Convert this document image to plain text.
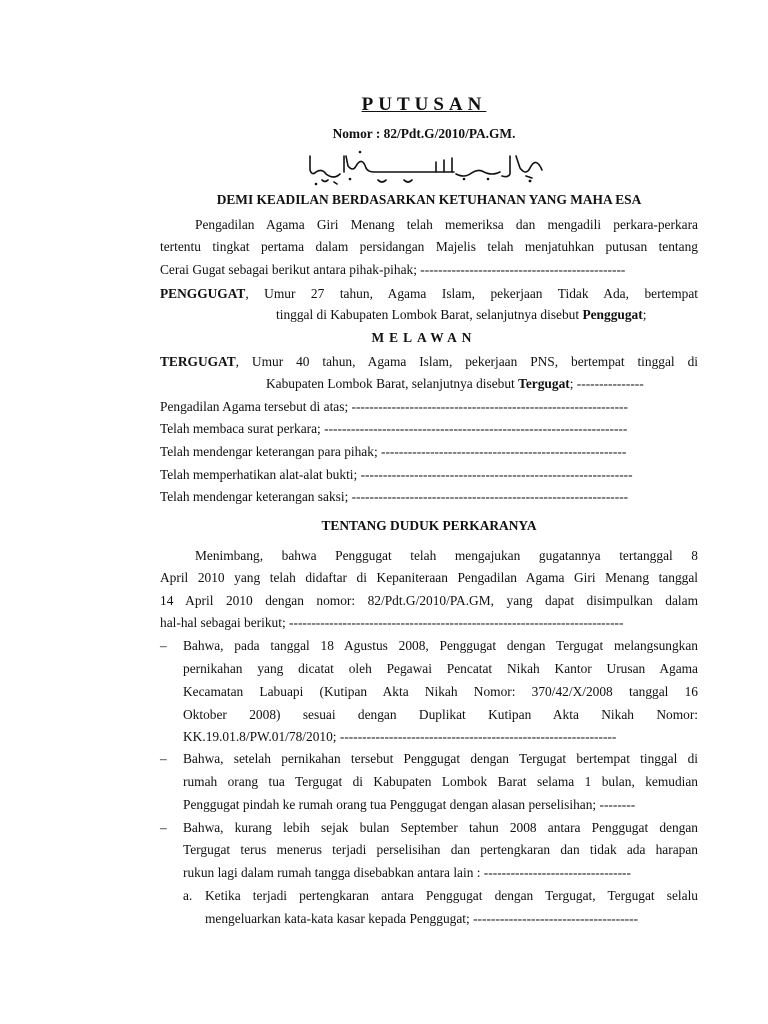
PUTUSAN
Nomor : 82/Pdt.G/2010/PA.GM.
DEMI KEADILAN BERDASARKAN KETUHANAN YANG MAHA ESA
Pengadilan Agama Giri Menang telah memeriksa dan mengadili perkara-perkara
tertentu tingkat pertama dalam persidangan Majelis telah menjatuhkan putusan tentang
Cerai Gugat sebagai berikut antara pihak-pihak; ----------------------------------------------
PENGGUGAT , Umur 27 tahun, Agama Islam, pekerjaan Tidak Ada, bertempat
tinggal di Kabupaten Lombok Barat, selanjutnya disebut Penggugat;
MELAWAN
TERGUGAT , Umur 40 tahun, Agama Islam, pekerjaan PNS, bertempat tinggal di
Kabupaten Lombok Barat, selanjutnya disebut Tergugat; ---------------
Pengadilan Agama tersebut di atas; --------------------------------------------------------------
Telah membaca surat perkara; --------------------------------------------------------------------
Telah mendengar keterangan para pihak; -------------------------------------------------------
Telah memperhatikan alat-alat bukti; -------------------------------------------------------------
Telah mendengar keterangan saksi; --------------------------------------------------------------
TENTANG DUDUK PERKARANYA
Menimbang, bahwa Penggugat telah mengajukan gugatannya tertanggal 8
April 2010 yang telah didaftar di Kepaniteraan Pengadilan Agama Giri Menang tanggal
14 April 2010 dengan nomor: 82/Pdt.G/2010/PA.GM, yang dapat disimpulkan dalam
hal-hal sebagai berikut; ---------------------------------------------------------------------------
– Bahwa, pada tanggal 18 Agustus 2008, Penggugat dengan Tergugat melangsungkan
pernikahan yang dicatat oleh Pegawai Pencatat Nikah Kantor Urusan Agama
Kecamatan Labuapi (Kutipan Akta Nikah Nomor: 370/42/X/2008 tanggal 16
Oktober 2008) sesuai dengan Duplikat Kutipan Akta Nikah Nomor:
KK.19.01.8/PW.01/78/2010; --------------------------------------------------------------
– Bahwa, setelah pernikahan tersebut Penggugat dengan Tergugat bertempat tinggal di
rumah orang tua Tergugat di Kabupaten Lombok Barat selama 1 bulan, kemudian
Penggugat pindah ke rumah orang tua Penggugat dengan alasan perselisihan; --------
– Bahwa, kurang lebih sejak bulan September tahun 2008 antara Penggugat dengan
Tergugat terus menerus terjadi perselisihan dan pertengkaran dan tidak ada harapan
rukun lagi dalam rumah tangga disebabkan antara lain : ---------------------------------
a. Ketika terjadi pertengkaran antara Penggugat dengan Tergugat, Tergugat selalu
mengeluarkan kata-kata kasar kepada Penggugat; -------------------------------------
